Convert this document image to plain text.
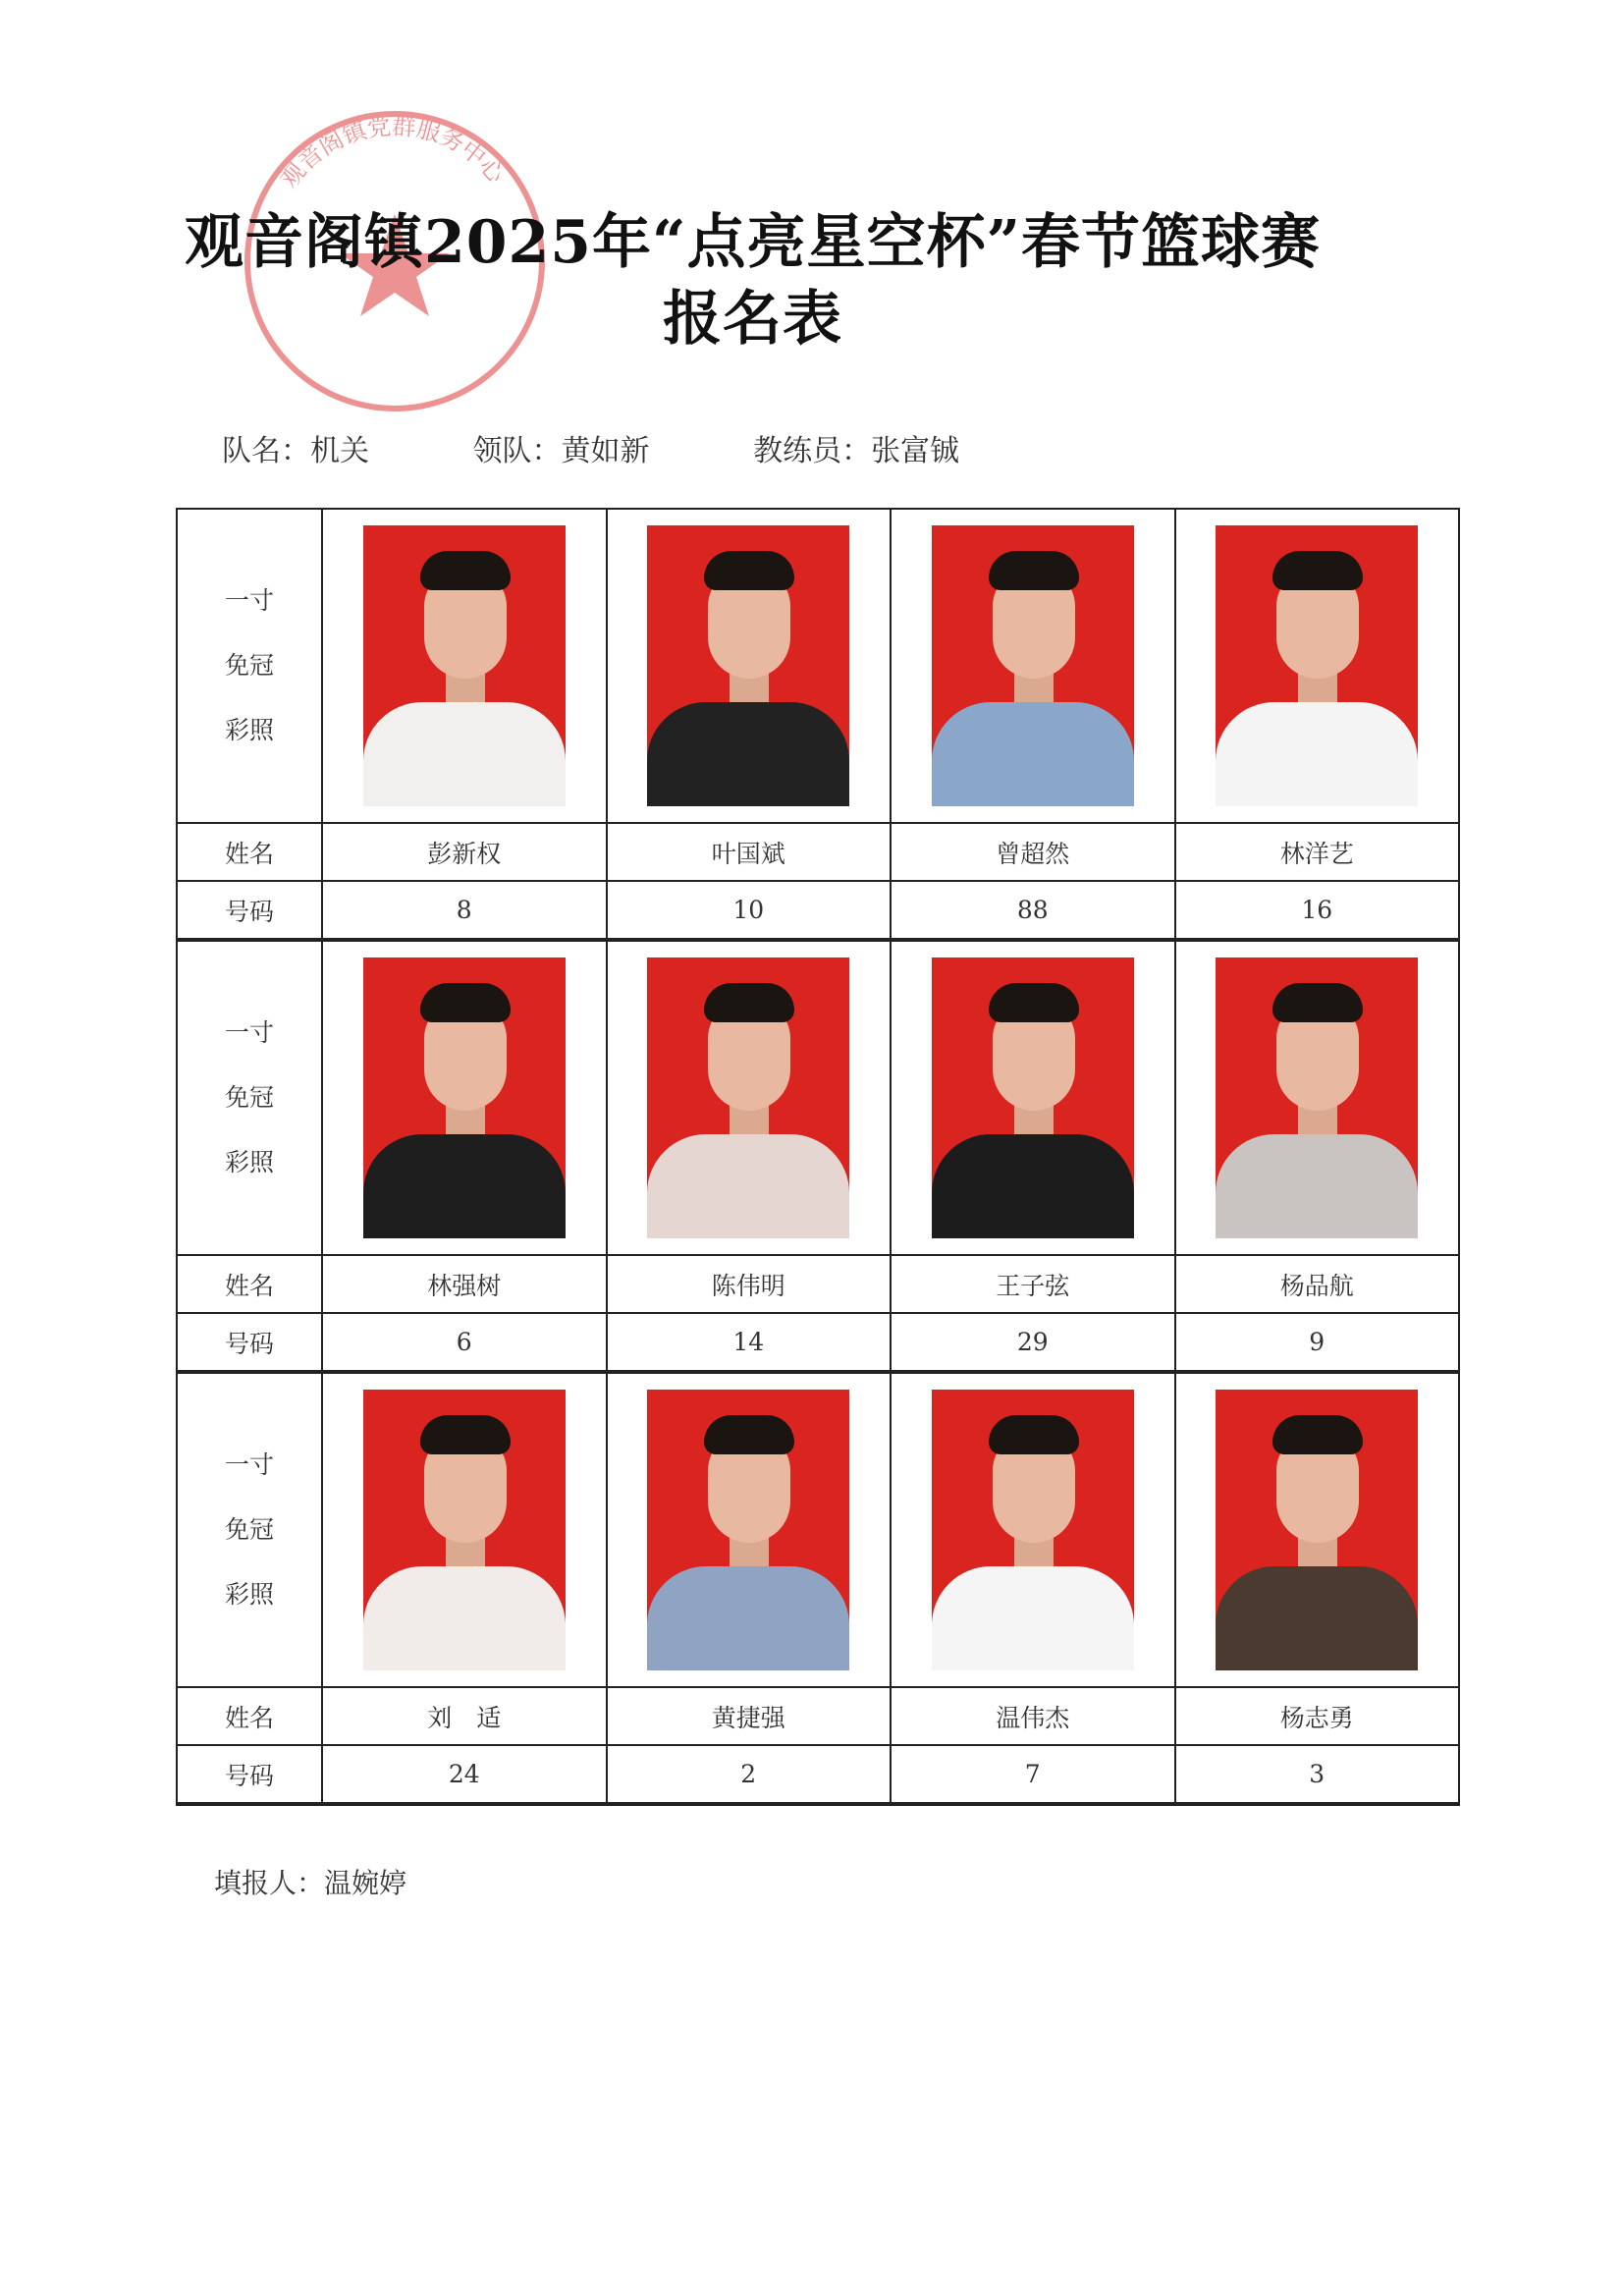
观音阁镇党群服务中心
观音阁镇2025年“点亮星空杯”春节篮球赛
报名表
队名：机关	领队：黄如新	教练员：张富铖
一寸
免冠
彩照				

姓名	彭新权	叶国斌	曾超然	林洋艺
号码	8	10	88	16

一寸
免冠
彩照				

姓名	林强树	陈伟明	王子弦	杨品航
号码	6	14	29	9

一寸
免冠
彩照				

姓名	刘　适	黄捷强	温伟杰	杨志勇
号码	24	2	7	3
填报人：温婉婷
